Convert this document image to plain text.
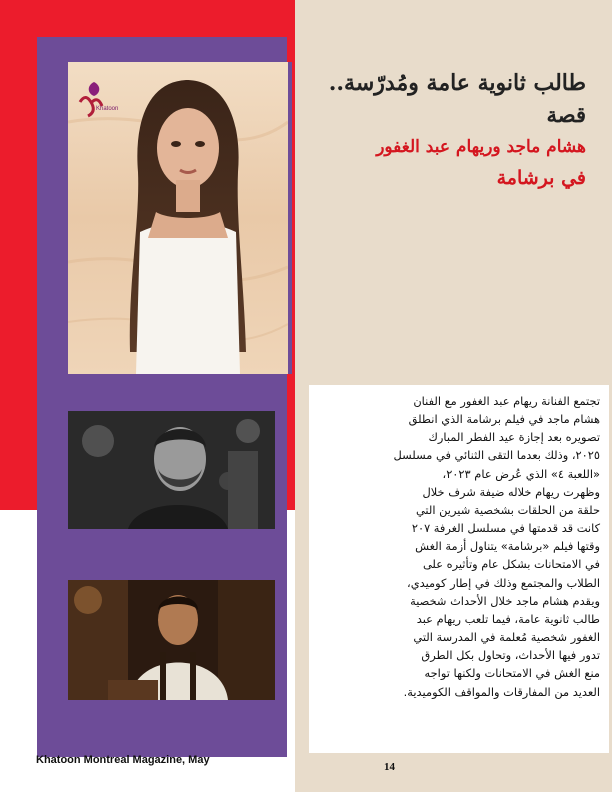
Khatoon

طالب ثانوية عامة ومُدرّسة..

قصة

هشام ماجد وريهام عبد الغفور

في برشامة

تجتمع الفنانة ريهام عبد الغفور مع الفنان
هشام ماجد في فيلم برشامة الذي انطلق
تصويره بعد إجازة عيد الفطر المبارك
٢٠٢٥، وذلك بعدما التقى الثنائي في مسلسل
«اللعبة ٤» الذي عُرض عام ٢٠٢٣،
وظهرت ريهام خلاله ضيفة شرف خلال
حلقة من الحلقات بشخصية شيرين التي
كانت قد قدمتها في مسلسل الغرفة ٢٠٧
وقتها فيلم «برشامة» يتناول أزمة الغش
في الامتحانات بشكل عام وتأثيره على
الطلاب والمجتمع وذلك في إطار كوميدي،
ويقدم هشام ماجد خلال الأحداث شخصية
طالب ثانوية عامة، فيما تلعب ريهام عبد
الغفور شخصية مُعلمة في المدرسة التي
تدور فيها الأحداث، وتحاول بكل الطرق
منع الغش في الامتحانات ولكنها تواجه
العديد من المفارقات والمواقف الكوميدية.
Khatoon Montreal Magazine, May
14
